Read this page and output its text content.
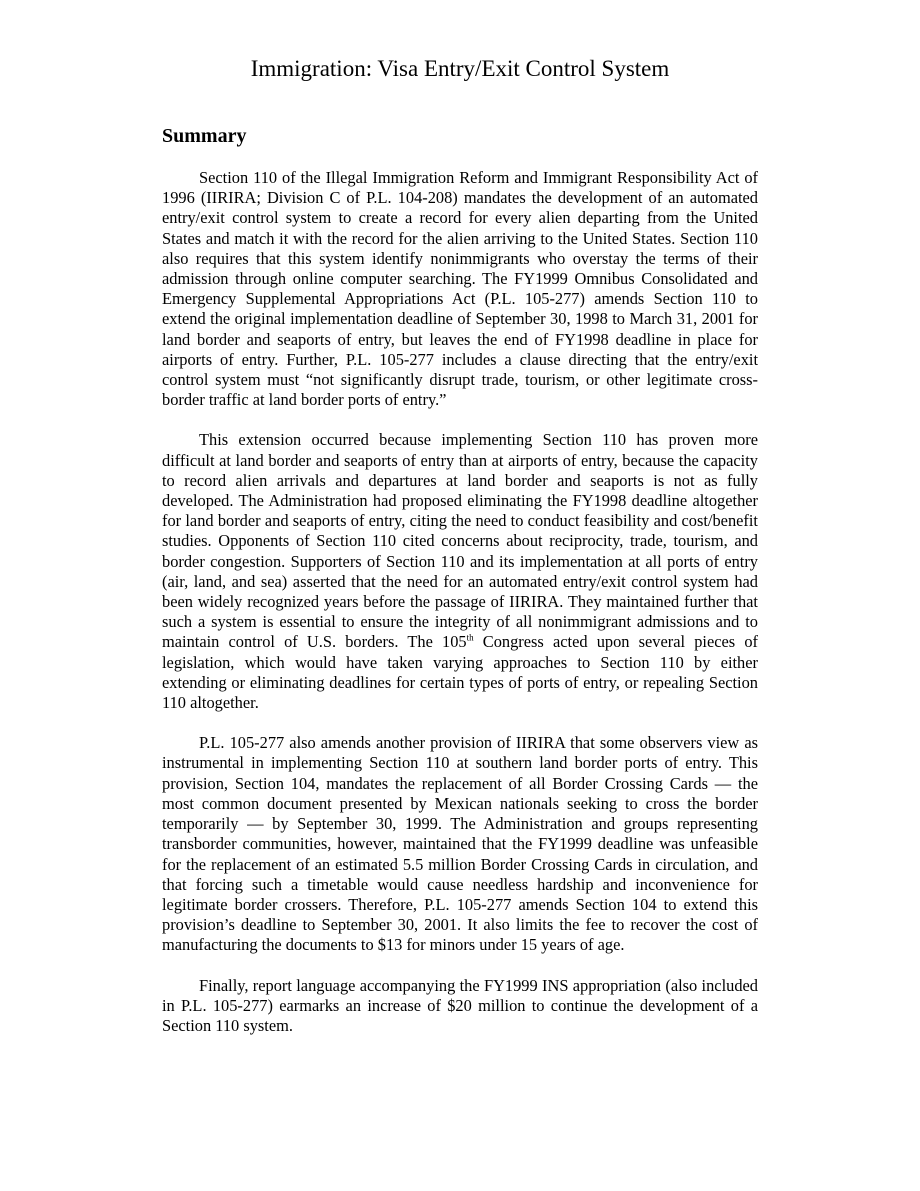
Immigration: Visa Entry/Exit Control System
Summary

Section 110 of the Illegal Immigration Reform and Immigrant Responsibility Act of 1996 (IIRIRA; Division C of P.L. 104-208) mandates the development of an automated entry/exit control system to create a record for every alien departing from the United States and match it with the record for the alien arriving to the United States. Section 110 also requires that this system identify nonimmigrants who overstay the terms of their admission through online computer searching. The FY1999 Omnibus Consolidated and Emergency Supplemental Appropriations Act (P.L. 105-277) amends Section 110 to extend the original implementation deadline of September 30, 1998 to March 31, 2001 for land border and seaports of entry, but leaves the end of FY1998 deadline in place for airports of entry. Further, P.L. 105-277 includes a clause directing that the entry/exit control system must “not significantly disrupt trade, tourism, or other legitimate cross-border traffic at land border ports of entry.”

This extension occurred because implementing Section 110 has proven more difficult at land border and seaports of entry than at airports of entry, because the capacity to record alien arrivals and departures at land border and seaports is not as fully developed. The Administration had proposed eliminating the FY1998 deadline altogether for land border and seaports of entry, citing the need to conduct feasibility and cost/benefit studies. Opponents of Section 110 cited concerns about reciprocity, trade, tourism, and border congestion. Supporters of Section 110 and its implementation at all ports of entry (air, land, and sea) asserted that the need for an automated entry/exit control system had been widely recognized years before the passage of IIRIRA. They maintained further that such a system is essential to ensure the integrity of all nonimmigrant admissions and to maintain control of U.S. borders. The 105th Congress acted upon several pieces of legislation, which would have taken varying approaches to Section 110 by either extending or eliminating deadlines for certain types of ports of entry, or repealing Section 110 altogether.

P.L. 105-277 also amends another provision of IIRIRA that some observers view as instrumental in implementing Section 110 at southern land border ports of entry. This provision, Section 104, mandates the replacement of all Border Crossing Cards — the most common document presented by Mexican nationals seeking to cross the border temporarily — by September 30, 1999. The Administration and groups representing transborder communities, however, maintained that the FY1999 deadline was unfeasible for the replacement of an estimated 5.5 million Border Crossing Cards in circulation, and that forcing such a timetable would cause needless hardship and inconvenience for legitimate border crossers. Therefore, P.L. 105-277 amends Section 104 to extend this provision’s deadline to September 30, 2001. It also limits the fee to recover the cost of manufacturing the documents to $13 for minors under 15 years of age.

Finally, report language accompanying the FY1999 INS appropriation (also included in P.L. 105-277) earmarks an increase of $20 million to continue the development of a Section 110 system.
